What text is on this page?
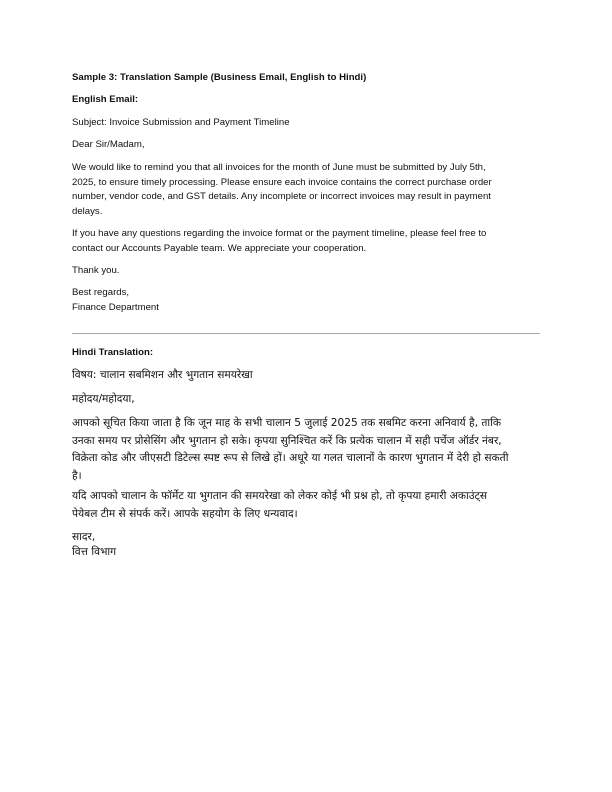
Sample 3: Translation Sample (Business Email, English to Hindi)
English Email:
Subject: Invoice Submission and Payment Timeline
Dear Sir/Madam,
We would like to remind you that all invoices for the month of June must be submitted by July 5th,
2025, to ensure timely processing. Please ensure each invoice contains the correct purchase order
number, vendor code, and GST details. Any incomplete or incorrect invoices may result in payment
delays.
If you have any questions regarding the invoice format or the payment timeline, please feel free to
contact our Accounts Payable team. We appreciate your cooperation.
Thank you.
Best regards,
Finance Department
Hindi Translation:
विषय: चालान सबमिशन और भुगतान समयरेखा
महोदय/महोदया,
आपको सूचित किया जाता है कि जून माह के सभी चालान 5 जुलाई 2025 तक सबमिट करना अनिवार्य है, ताकि
उनका समय पर प्रोसेसिंग और भुगतान हो सके। कृपया सुनिश्चित करें कि प्रत्येक चालान में सही पर्चेज ऑर्डर नंबर,
विक्रेता कोड और जीएसटी डिटेल्स स्पष्ट रूप से लिखे हों। अधूरे या गलत चालानों के कारण भुगतान में देरी हो सकती
है।
यदि आपको चालान के फॉर्मेट या भुगतान की समयरेखा को लेकर कोई भी प्रश्न हो, तो कृपया हमारी अकाउंट्स
पेयेबल टीम से संपर्क करें। आपके सहयोग के लिए धन्यवाद।
सादर,
वित्त विभाग
